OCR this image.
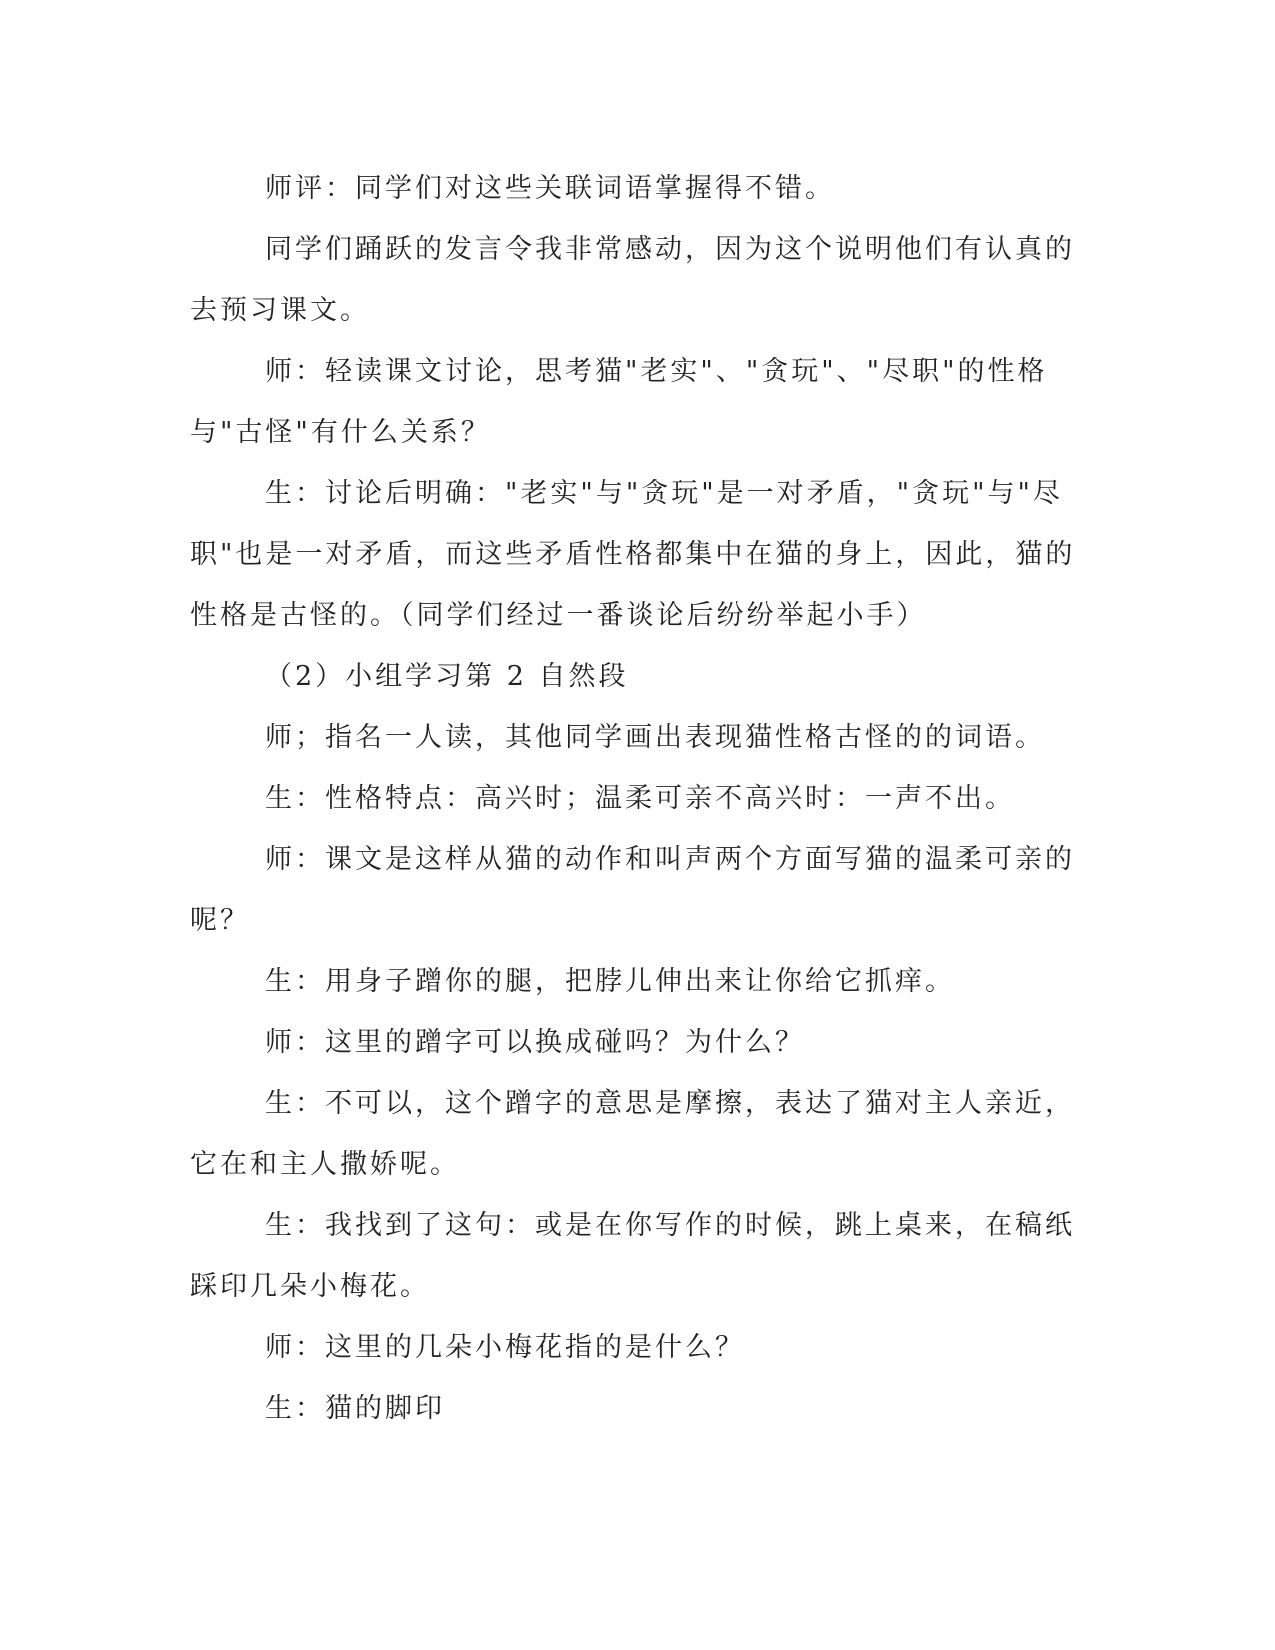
师评：同学们对这些关联词语掌握得不错。

同学们踊跃的发言令我非常感动，因为这个说明他们有认真的去预习课文。

师：轻读课文讨论，思考猫"老实"、"贪玩"、"尽职"的性格与"古怪"有什么关系？

生：讨论后明确："老实"与"贪玩"是一对矛盾，"贪玩"与"尽职"也是一对矛盾，而这些矛盾性格都集中在猫的身上，因此，猫的性格是古怪的。（同学们经过一番谈论后纷纷举起小手）

（2）小组学习第 2 自然段

师；指名一人读，其他同学画出表现猫性格古怪的的词语。

生：性格特点：高兴时；温柔可亲不高兴时：一声不出。

师：课文是这样从猫的动作和叫声两个方面写猫的温柔可亲的呢？

生：用身子蹭你的腿，把脖儿伸出来让你给它抓痒。

师：这里的蹭字可以换成碰吗？为什么？

生：不可以，这个蹭字的意思是摩擦，表达了猫对主人亲近，它在和主人撒娇呢。

生：我找到了这句：或是在你写作的时候，跳上桌来，在稿纸踩印几朵小梅花。

师：这里的几朵小梅花指的是什么？

生：猫的脚印
